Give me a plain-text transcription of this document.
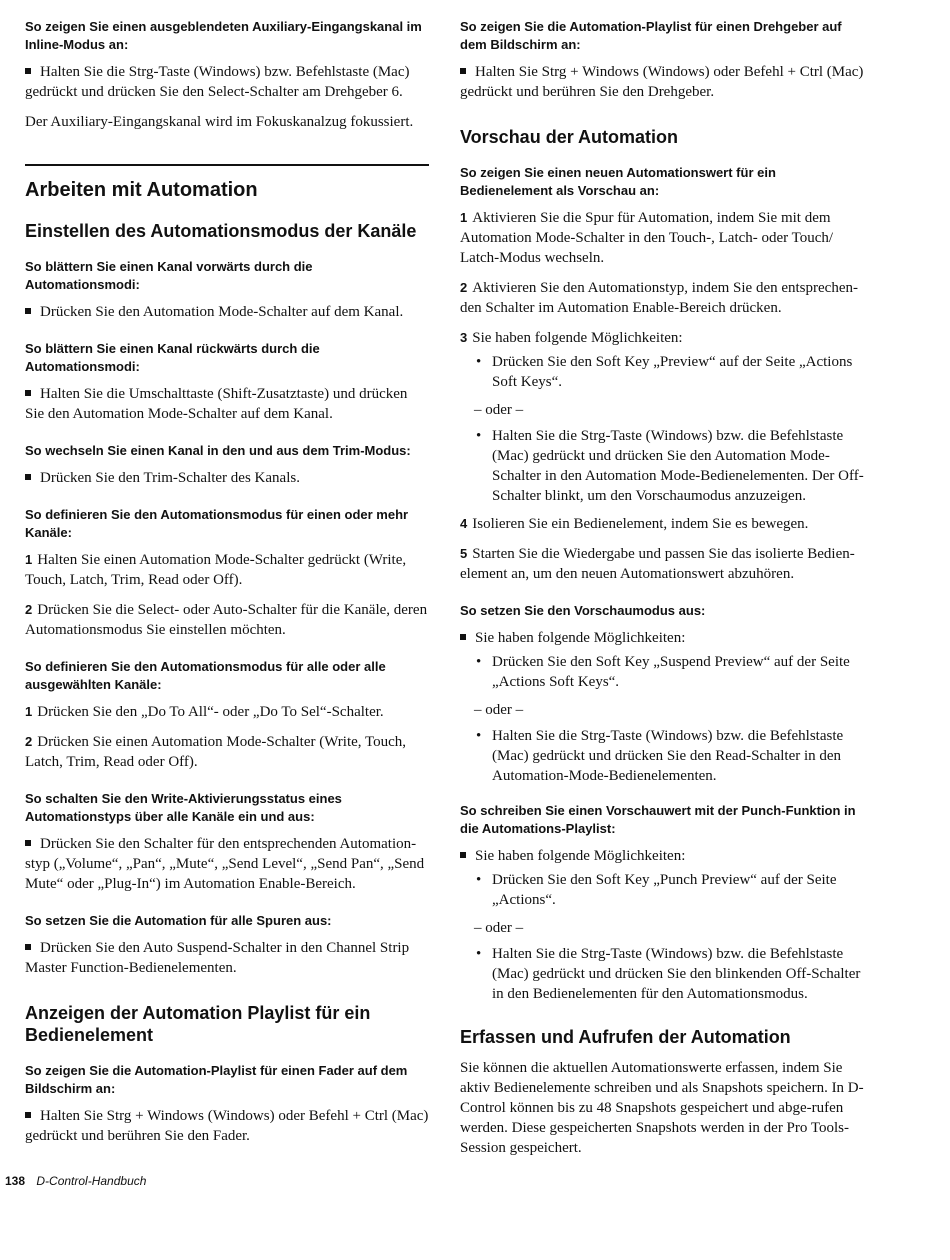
So zeigen Sie einen ausgeblendeten Auxiliary-Eingangskanal im Inline-Modus an:

Halten Sie die Strg-Taste (Windows) bzw. Befehlstaste (Mac) gedrückt und drücken Sie den Select-Schalter am Drehgeber 6.

Der Auxiliary-Eingangskanal wird im Fokuskanalzug fokussiert.

Arbeiten mit Automation
Einstellen des Automationsmodus der Kanäle

So blättern Sie einen Kanal vorwärts durch die Automationsmodi:

Drücken Sie den Automation Mode-Schalter auf dem Kanal.

So blättern Sie einen Kanal rückwärts durch die Automationsmodi:

Halten Sie die Umschalttaste (Shift-Zusatztaste) und drücken Sie den Automation Mode-Schalter auf dem Kanal.

So wechseln Sie einen Kanal in den und aus dem Trim-Modus:

Drücken Sie den Trim-Schalter des Kanals.

So definieren Sie den Automationsmodus für einen oder mehr Kanäle:

1 Halten Sie einen Automation Mode-Schalter gedrückt (Write, Touch, Latch, Trim, Read oder Off).

2 Drücken Sie die Select- oder Auto-Schalter für die Kanäle, deren Automationsmodus Sie einstellen möchten.

So definieren Sie den Automationsmodus für alle oder alle ausgewählten Kanäle:

1 Drücken Sie den „Do To All“- oder „Do To Sel“-Schalter.

2 Drücken Sie einen Automation Mode-Schalter (Write, Touch, Latch, Trim, Read oder Off).

So schalten Sie den Write-Aktivierungsstatus eines Automationstyps über alle Kanäle ein und aus:

Drücken Sie den Schalter für den entsprechenden Automation-styp („Volume“, „Pan“, „Mute“, „Send Level“, „Send Pan“, „Send Mute“ oder „Plug-In“) im Automation Enable-Bereich.

So setzen Sie die Automation für alle Spuren aus:

Drücken Sie den Auto Suspend-Schalter in den Channel Strip Master Function-Bedienelementen.

Anzeigen der Automation Playlist für ein Bedienelement

So zeigen Sie die Automation-Playlist für einen Fader auf dem Bildschirm an:

Halten Sie Strg + Windows (Windows) oder Befehl + Ctrl (Mac) gedrückt und berühren Sie den Fader.

So zeigen Sie die Automation-Playlist für einen Drehgeber auf dem Bildschirm an:

Halten Sie Strg + Windows (Windows) oder Befehl + Ctrl (Mac) gedrückt und berühren Sie den Drehgeber.

Vorschau der Automation

So zeigen Sie einen neuen Automationswert für ein Bedienelement als Vorschau an:

1 Aktivieren Sie die Spur für Automation, indem Sie mit dem Automation Mode-Schalter in den Touch-, Latch- oder Touch/ Latch-Modus wechseln.

2 Aktivieren Sie den Automationstyp, indem Sie den entsprechen-den Schalter im Automation Enable-Bereich drücken.

3 Sie haben folgende Möglichkeiten:

• Drücken Sie den Soft Key „Preview“ auf der Seite „Actions Soft Keys“.

– oder –

• Halten Sie die Strg-Taste (Windows) bzw. die Befehlstaste (Mac) gedrückt und drücken Sie den Automation Mode-Schalter in den Automation Mode-Bedienelementen. Der Off-Schalter blinkt, um den Vorschaumodus anzuzeigen.

4 Isolieren Sie ein Bedienelement, indem Sie es bewegen.

5 Starten Sie die Wiedergabe und passen Sie das isolierte Bedien-element an, um den neuen Automationswert abzuhören.

So setzen Sie den Vorschaumodus aus:

Sie haben folgende Möglichkeiten:

• Drücken Sie den Soft Key „Suspend Preview“ auf der Seite „Actions Soft Keys“.

– oder –

• Halten Sie die Strg-Taste (Windows) bzw. die Befehlstaste (Mac) gedrückt und drücken Sie den Read-Schalter in den Automation-Mode-Bedienelementen.

So schreiben Sie einen Vorschauwert mit der Punch-Funktion in die Automations-Playlist:

Sie haben folgende Möglichkeiten:

• Drücken Sie den Soft Key „Punch Preview“ auf der Seite „Actions“.

– oder –

• Halten Sie die Strg-Taste (Windows) bzw. die Befehlstaste (Mac) gedrückt und drücken Sie den blinkenden Off-Schalter in den Bedienelementen für den Automationsmodus.

Erfassen und Aufrufen der Automation

Sie können die aktuellen Automationswerte erfassen, indem Sie aktiv Bedienelemente schreiben und als Snapshots speichern. In D-Control können bis zu 48 Snapshots gespeichert und abge-rufen werden. Diese gespeicherten Snapshots werden in der Pro Tools-Session gespeichert.

138 D-Control-Handbuch
